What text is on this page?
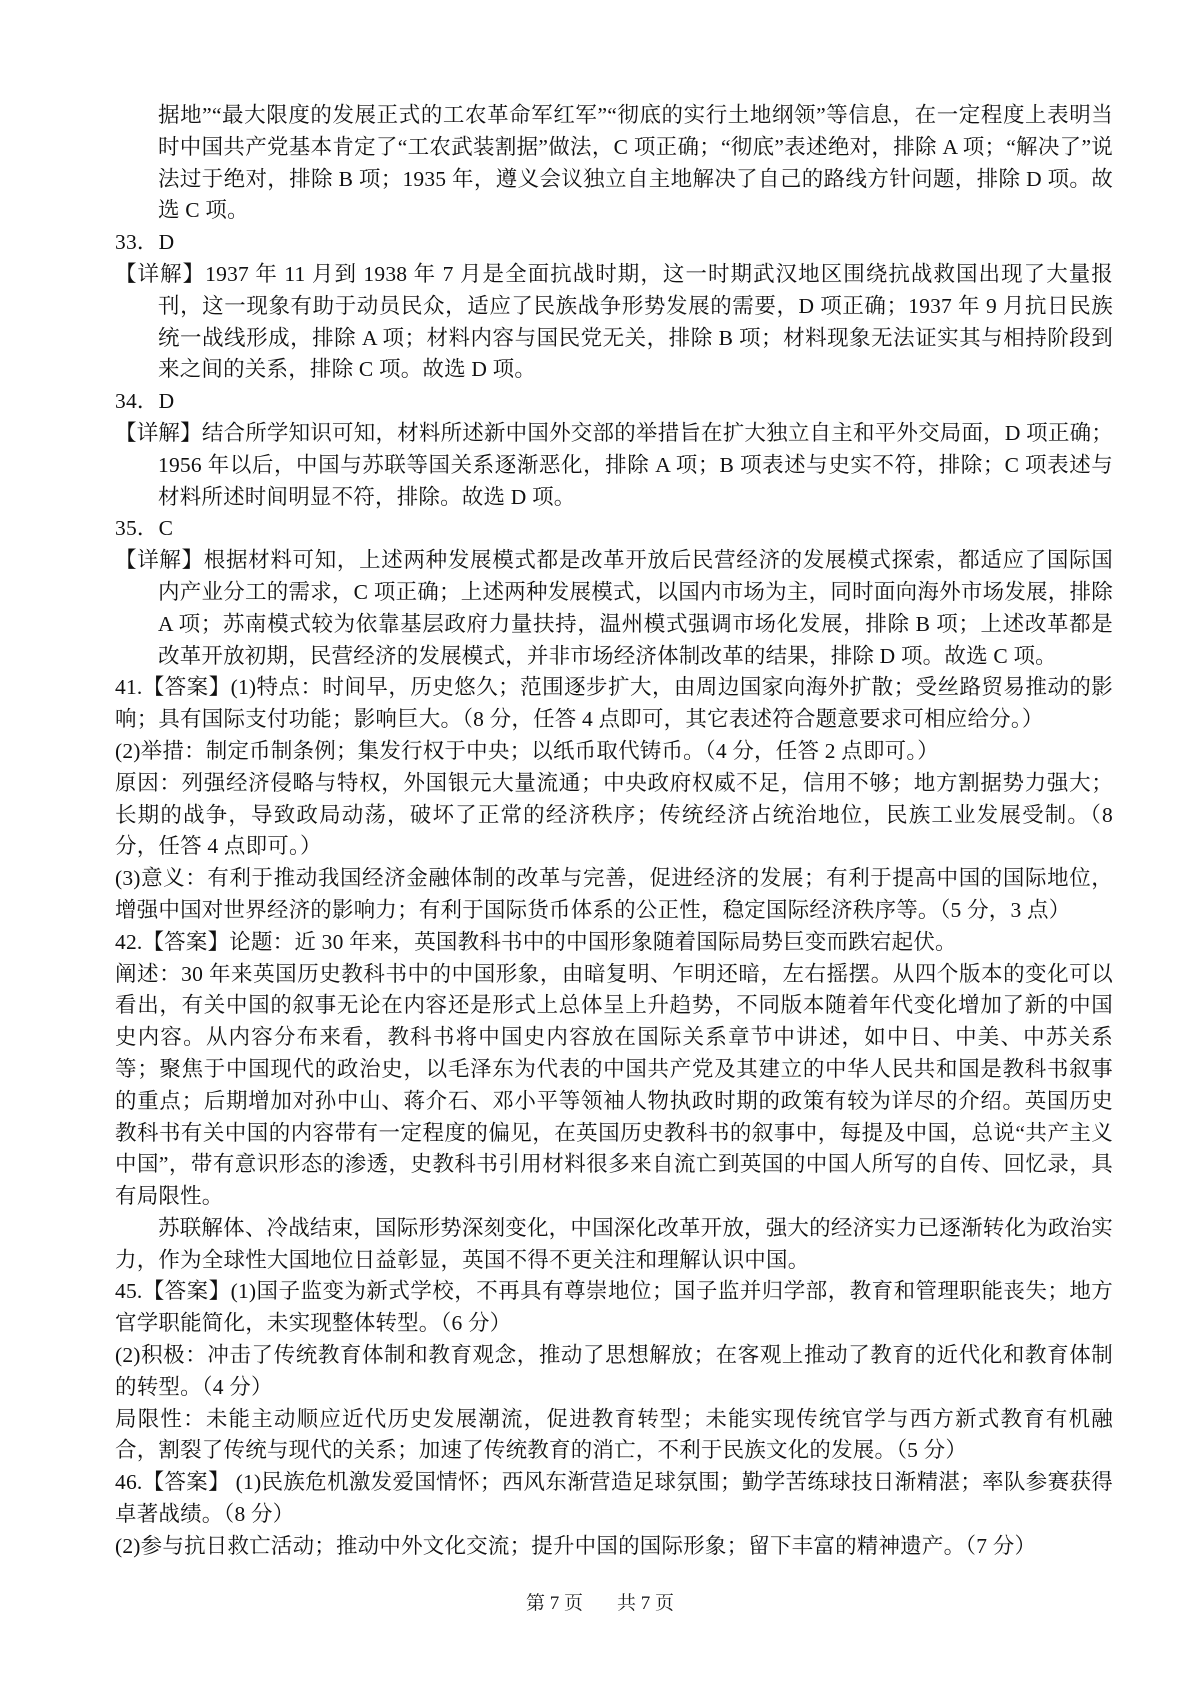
据地”“最大限度的发展正式的工农革命军红军”“彻底的实行土地纲领”等信息，在一定程度上表明当时中国共产党基本肯定了“工农武装割据”做法，C 项正确；“彻底”表述绝对，排除 A 项；“解决了”说法过于绝对，排除 B 项；1935 年，遵义会议独立自主地解决了自己的路线方针问题，排除 D 项。故选 C 项。

33．D

【详解】1937 年 11 月到 1938 年 7 月是全面抗战时期，这一时期武汉地区围绕抗战救国出现了大量报刊，这一现象有助于动员民众，适应了民族战争形势发展的需要，D 项正确；1937 年 9 月抗日民族统一战线形成，排除 A 项；材料内容与国民党无关，排除 B 项；材料现象无法证实其与相持阶段到来之间的关系，排除 C 项。故选 D 项。

34．D

【详解】结合所学知识可知，材料所述新中国外交部的举措旨在扩大独立自主和平外交局面，D 项正确；1956 年以后，中国与苏联等国关系逐渐恶化，排除 A 项；B 项表述与史实不符，排除；C 项表述与材料所述时间明显不符，排除。故选 D 项。

35．C

【详解】根据材料可知，上述两种发展模式都是改革开放后民营经济的发展模式探索，都适应了国际国内产业分工的需求，C 项正确；上述两种发展模式，以国内市场为主，同时面向海外市场发展，排除 A 项；苏南模式较为依靠基层政府力量扶持，温州模式强调市场化发展，排除 B 项；上述改革都是改革开放初期，民营经济的发展模式，并非市场经济体制改革的结果，排除 D 项。故选 C 项。

41.【答案】(1)特点：时间早，历史悠久；范围逐步扩大，由周边国家向海外扩散；受丝路贸易推动的影响；具有国际支付功能；影响巨大。（8 分，任答 4 点即可，其它表述符合题意要求可相应给分。）

(2)举措：制定币制条例；集发行权于中央；以纸币取代铸币。（4 分，任答 2 点即可。）

原因：列强经济侵略与特权，外国银元大量流通；中央政府权威不足，信用不够；地方割据势力强大；长期的战争，导致政局动荡，破坏了正常的经济秩序；传统经济占统治地位，民族工业发展受制。（8 分，任答 4 点即可。）

(3)意义：有利于推动我国经济金融体制的改革与完善，促进经济的发展；有利于提高中国的国际地位，增强中国对世界经济的影响力；有利于国际货币体系的公正性，稳定国际经济秩序等。（5 分，3 点）

42.【答案】论题：近 30 年来，英国教科书中的中国形象随着国际局势巨变而跌宕起伏。

阐述：30 年来英国历史教科书中的中国形象，由暗复明、乍明还暗，左右摇摆。从四个版本的变化可以看出，有关中国的叙事无论在内容还是形式上总体呈上升趋势，不同版本随着年代变化增加了新的中国史内容。从内容分布来看，教科书将中国史内容放在国际关系章节中讲述，如中日、中美、中苏关系等；聚焦于中国现代的政治史，以毛泽东为代表的中国共产党及其建立的中华人民共和国是教科书叙事的重点；后期增加对孙中山、蒋介石、邓小平等领袖人物执政时期的政策有较为详尽的介绍。英国历史教科书有关中国的内容带有一定程度的偏见，在英国历史教科书的叙事中，每提及中国，总说“共产主义中国”，带有意识形态的渗透，史教科书引用材料很多来自流亡到英国的中国人所写的自传、回忆录，具有局限性。

苏联解体、冷战结束，国际形势深刻变化，中国深化改革开放，强大的经济实力已逐渐转化为政治实力，作为全球性大国地位日益彰显，英国不得不更关注和理解认识中国。

45.【答案】(1)国子监变为新式学校，不再具有尊崇地位；国子监并归学部，教育和管理职能丧失；地方官学职能简化，未实现整体转型。（6 分）

(2)积极：冲击了传统教育体制和教育观念，推动了思想解放；在客观上推动了教育的近代化和教育体制的转型。（4 分）

局限性：未能主动顺应近代历史发展潮流，促进教育转型；未能实现传统官学与西方新式教育有机融合，割裂了传统与现代的关系；加速了传统教育的消亡，不利于民族文化的发展。（5 分）

46.【答案】 (1)民族危机激发爱国情怀；西风东渐营造足球氛围；勤学苦练球技日渐精湛；率队参赛获得卓著战绩。（8 分）

(2)参与抗日救亡活动；推动中外文化交流；提升中国的国际形象；留下丰富的精神遗产。（7 分）

第 7 页 共 7 页
